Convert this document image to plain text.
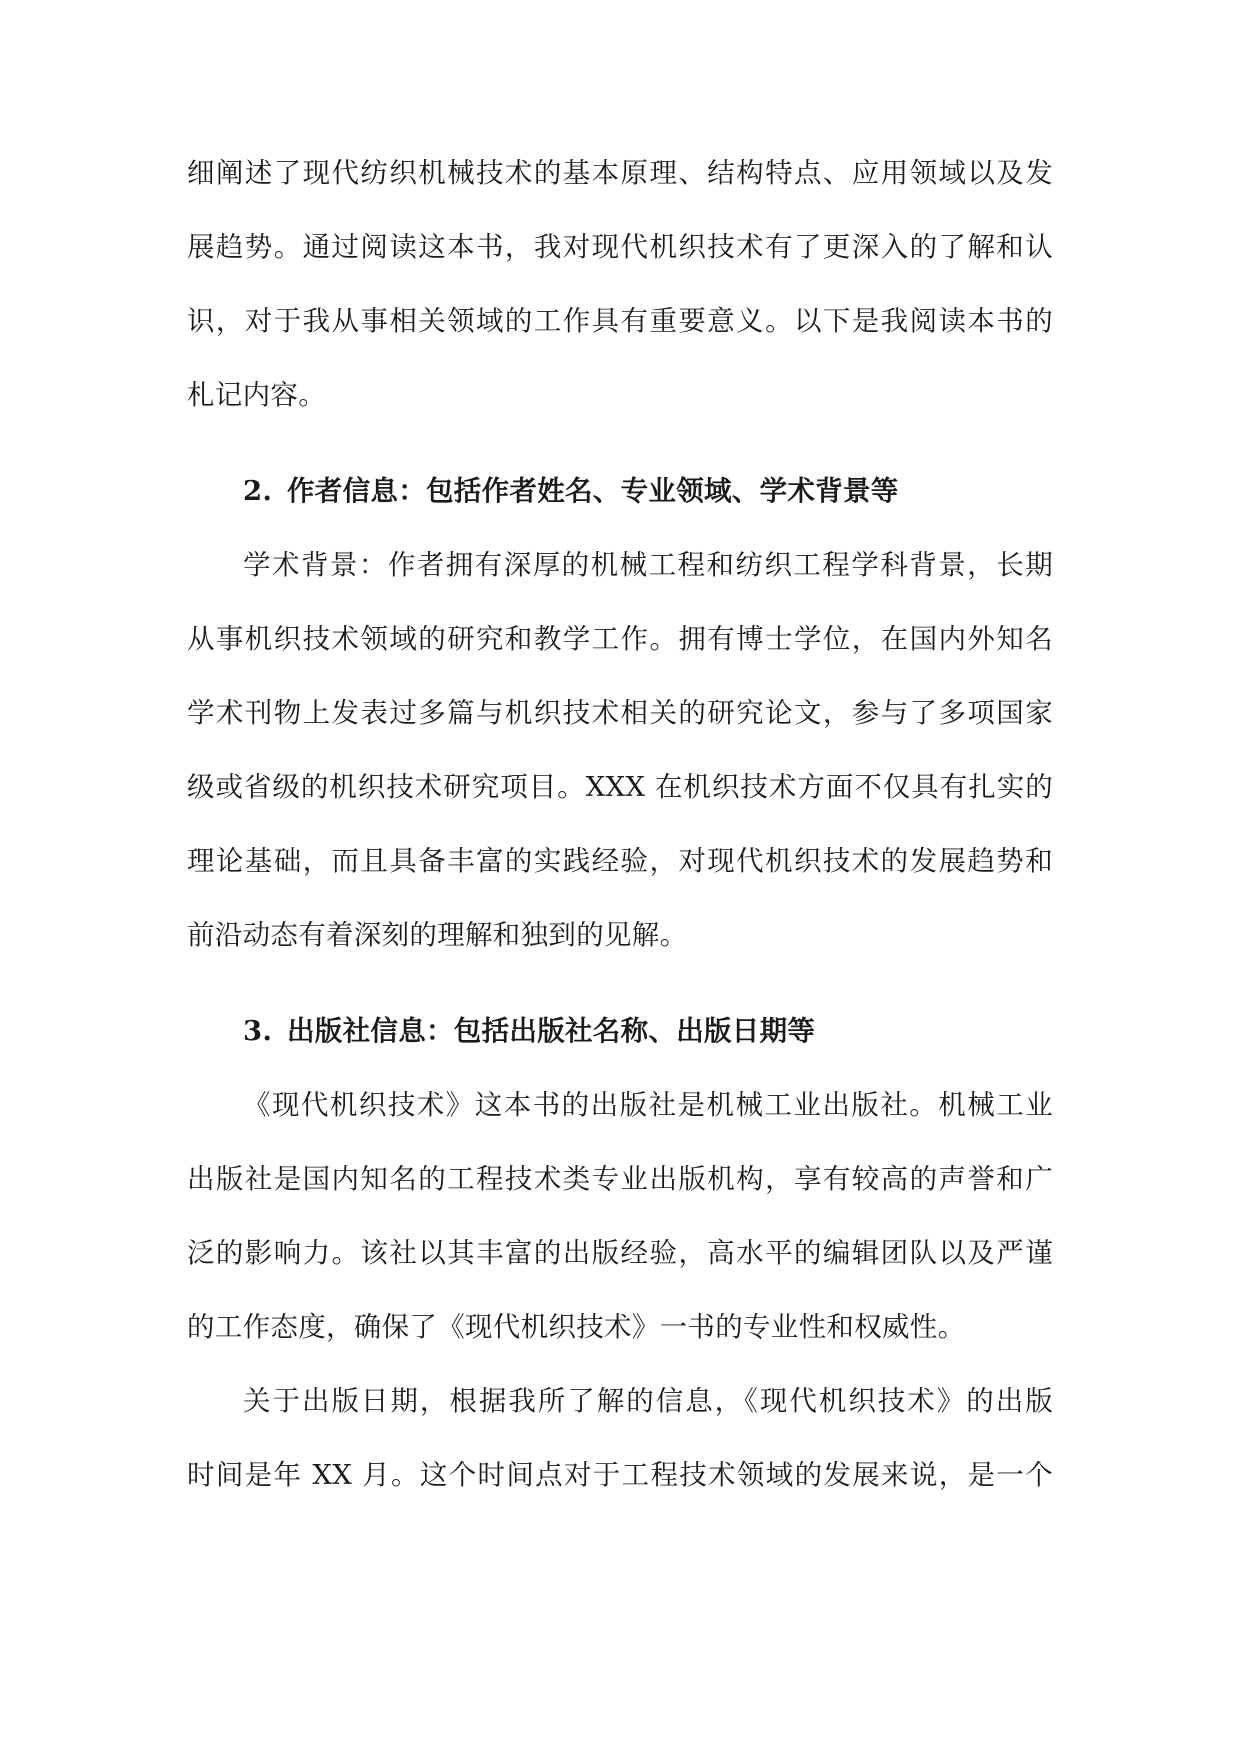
细阐述了现代纺织机械技术的基本原理、结构特点、应用领域以及发
展趋势。通过阅读这本书，我对现代机织技术有了更深入的了解和认
识，对于我从事相关领域的工作具有重要意义。以下是我阅读本书的
札记内容。

2. 作者信息：包括作者姓名、专业领域、学术背景等

学术背景：作者拥有深厚的机械工程和纺织工程学科背景，长期
从事机织技术领域的研究和教学工作。拥有博士学位，在国内外知名
学术刊物上发表过多篇与机织技术相关的研究论文，参与了多项国家
级或省级的机织技术研究项目。XXX 在机织技术方面不仅具有扎实的
理论基础，而且具备丰富的实践经验，对现代机织技术的发展趋势和
前沿动态有着深刻的理解和独到的见解。

3. 出版社信息：包括出版社名称、出版日期等

《现代机织技术》这本书的出版社是机械工业出版社。机械工业
出版社是国内知名的工程技术类专业出版机构，享有较高的声誉和广
泛的影响力。该社以其丰富的出版经验，高水平的编辑团队以及严谨
的工作态度，确保了《现代机织技术》一书的专业性和权威性。

关于出版日期，根据我所了解的信息，《现代机织技术》的出版
时间是年 XX 月。这个时间点对于工程技术领域的发展来说，是一个
